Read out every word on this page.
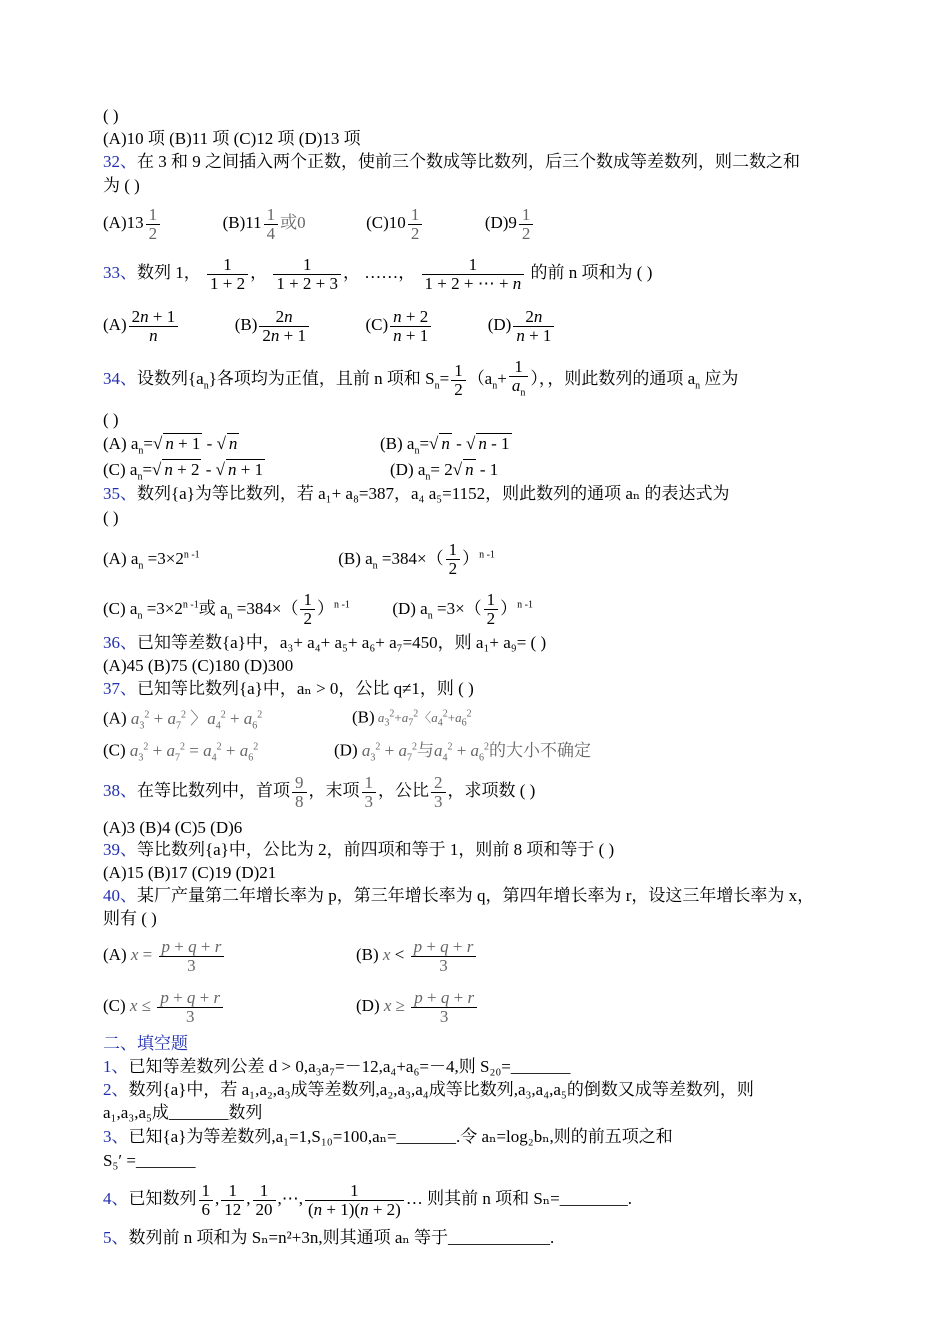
( )
(A)10 项 (B)11 项 (C)12 项 (D)13 项
32、在 3 和 9 之间插入两个正数，使前三个数成等比数列，后三个数成等差数列，则二数之和
为 ( )
$(A)13 \frac{1}{2}$	$(B)11 \frac{1}{4}$ 或0	$(C)10 \frac{1}{2}$	$(D)9 \frac{1}{2}$
33、数列 1， $\frac{1}{1 + 2}$ ， $\frac{1}{1 + 2 + 3}$ ， ……， $\frac{1}{1 + 2 + \cdots + n}$ 的前 n 项和为 ( )
$(A) \frac{2n + 1}{n}$	$(B) \frac{2n}{2n + 1}$	$(C) \frac{n + 2}{n + 1}$	$(D) \frac{2n}{n + 1}$
34、设数列$\{a_n\}$各项均为正值，且前 n 项和 $S_n= \frac{1}{2} (a_n+ \frac{1}{a_n}$ ），，则此数列的通项 $a_n$ 应为
( )
(A) $a_n=√$ n + 1 - √ n	(B) $a_n=√$ n - √ n - 1
(C) $a_n=√$ n + 2 - √ n + 1	(D) $a_n= 2√$ n - 1
35、数列{a}为等比数列，若 a₁+ a₈=387，a₄ a₅=1152，则此数列的通项 aₙ 的表达式为
( )
(A) $a_n =3\times 2^{n -1}$	(B) $a_n =384\times( \frac{1}{2} )^{n -1}$
(C) $a_n =3\times 2^{n -1}$或 $a_n =384\times( \frac{1}{2} )^{n -1}$	(D) $a_n =3\times( \frac{1}{2} )^{n -1}$
36、已知等差数{a}中，a₃+ a₄+ a₅+ a₆+ a₇=450，则 a₁+ a₉= ( )
(A)45 (B)75 (C)180 (D)300
37、已知等比数列{a}中，aₙ > 0，公比 q≠1，则 ( )
(A) $a_3^2 + a_7^2$ 〉$a_4^2 + a_6^2$	(B) $a_3^2+a_7^2$〈$a_4^2+a_6^2$
(C) $a_3^2 + a_7^2 = a_4^2 + a_6^2$	(D) $a_3^2 + a_7^2$与$a_4^2 + a_6^2$的大小不确定
38、在等比数列中，首项 $\frac{9}{8}$ ，末项 $\frac{1}{3}$ ，公比 $\frac{2}{3}$ ，求项数 ( )
(A)3 (B)4 (C)5 (D)6
39、等比数列{a}中，公比为 2，前四项和等于 1，则前 8 项和等于 ( )
(A)15 (B)17 (C)19 (D)21
40、某厂产量第二年增长率为 p，第三年增长率为 q，第四年增长率为 r，设这三年增长率为 x，
则有 ( )
(A) $x = \frac{p + q + r}{3}$	(B) $x < \frac{p + q + r}{3}$
(C) $x \le \frac{p + q + r}{3}$	(D) $x \ge \frac{p + q + r}{3}$
二、填空题
1、已知等差数列公差 d > 0,a₃a₇=－12,a₄+a₆=－4,则 S₂₀=_______
2、数列{a}中，若 a₁,a₂,a₃成等差数列,a₂,a₃,a₄成等比数列,a₃,a₄,a₅的倒数又成等差数列，则
a₁,a₃,a₅成_______数列
3、已知{a}为等差数列,a₁=1,S₁₀=100,aₙ=_______.令 aₙ=log₂bₙ,则的前五项之和
S₅′ =_______
4、已知数列 $\frac{1}{6}$ , $\frac{1}{12}$ , $\frac{1}{20}$ ,⋯, $\frac{1}{(n + 1)(n + 2)}$ … 则其前 n 项和 Sₙ=________.
5、数列前 n 项和为 Sₙ=n²+3n,则其通项 aₙ 等于____________.
